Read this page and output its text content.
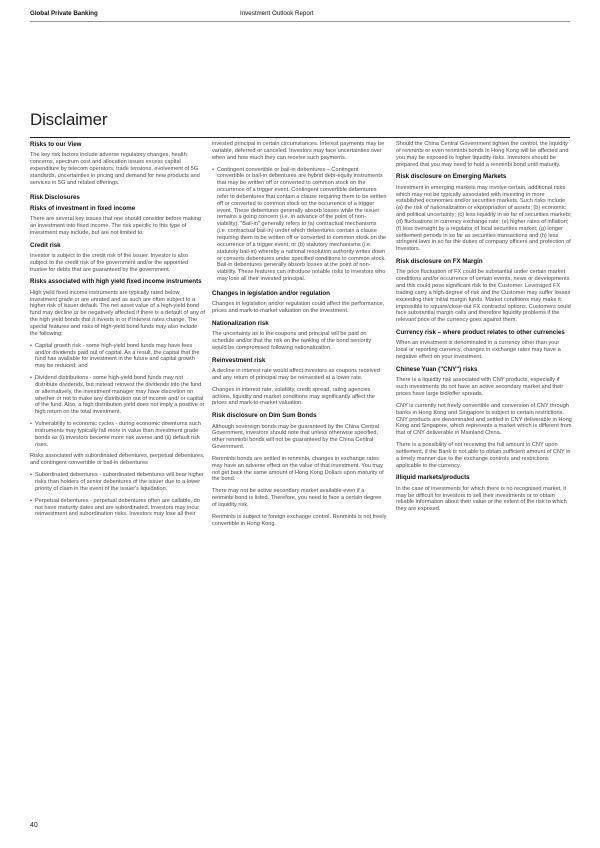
Global Private Banking	Investment Outlook Report
Disclaimer
Risks to our View

The key risk factors include adverse regulatory changes, health concerns, spectrum cost and allocation issues excess capital expenditure by telecom operators, trade tensions, evolvement of 5G standards, uncertainties in pricing and demand for new products and services in 5G and related offerings.

Risk Disclosures
Risks of investment in fixed income

There are several key issues that one should consider before making an investment into fixed income. The risk specific to this type of investment may include, but are not limited to:

Credit risk

Investor is subject to the credit risk of the issuer. Investor is also subject to the credit risk of the government and/or the appointed trustee for debts that are guaranteed by the government.

Risks associated with high yield fixed income instruments

High yield fixed income instruments are typically rated below investment grade or are unrated and as such are often subject to a higher risk of issuer default. The net asset value of a high-yield bond fund may decline or be negatively affected if there is a default of any of the high yield bonds that it invests in or if interest rates change. The special features and risks of high-yield bond funds may also include the following:

• Capital growth risk - some high-yield bond funds may have fees and/or dividends paid out of capital. As a result, the capital that the fund has available for investment in the future and capital growth may be reduced; and
• Dividend distributions - some high-yield bond funds may not distribute dividends, but instead reinvest the dividends into the fund or alternatively, the investment manager may have discretion on whether or not to make any distribution out of income and/ or capital of the fund. Also, a high distribution yield does not imply a positive or high return on the total investment.
• Vulnerability to economic cycles - during economic downturns such instruments may typically fall more in value than investment grade bonds as (i) investors become more risk averse and (ii) default risk rises.

Risks associated with subordinated debentures, perpetual debentures, and contingent convertible or bail-in debentures

• Subordinated debentures - subordinated debentures will bear higher risks than holders of senior debentures of the issuer due to a lower priority of claim in the event of the issuer's liquidation.
• Perpetual debentures - perpetual debentures often are callable, do not have maturity dates and are subordinated. Investors may incur reinvestment and subordination risks. Investors may lose all their

invested principal in certain circumstances. Interest payments may be variable, deferred or canceled. Investors may face uncertainties over when and how much they can receive such payments.

• Contingent convertible or bail-in debentures – Contingent convertible or bail-in debentures are hybrid debt-equity instruments that may be written off or converted to common stock on the occurrence of a trigger event. Contingent convertible debentures refer to debentures that contain a clause requiring them to be written off or converted to common stock on the occurrence of a trigger event. These debentures generally absorb losses while the issuer remains a going concern (i.e. in advance of the point of non-viability). "Bail-in" generally refers to (a) contractual mechanisms (i.e. contractual bail-in) under which debentures contain a clause requiring them to be written off or converted to common stock on the occurrence of a trigger event, or (b) statutory mechanisms (i.e. statutory bail-in) whereby a national resolution authority writes down or converts debentures under specified conditions to common stock. Bail-in debentures generally absorb losses at the point of non-viability. These features can introduce notable risks to investors who may lose all their invested principal.
Changes in legislation and/or regulation

Changes in legislation and/or regulation could affect the performance, prices and mark-to-market valuation on the investment.

Nationalization risk

The uncertainty as to the coupons and principal will be paid on schedule and/or that the risk on the ranking of the bond seniority would be compromised following nationalization.

Reinvestment risk

A decline in interest rate would affect investors as coupons received and any return of principal may be reinvested at a lower rate.

Changes in interest rate, volatility, credit spread, rating agencies actions, liquidity and market conditions may significantly affect the prices and mark-to-market valuation.

Risk disclosure on Dim Sum Bonds

Although sovereign bonds may be guaranteed by the China Central Government, investors should note that unless otherwise specified, other renminbi bonds will not be guaranteed by the China Central Government.

Renminbi bonds are settled in renminbi, changes in exchange rates may have an adverse effect on the value of that investment. You may not get back the same amount of Hong Kong Dollars upon maturity of the bond.

There may not be active secondary market available even if a renminbi bond is listed. Therefore, you need to face a certain degree of liquidity risk.

Renminbi is subject to foreign exchange control. Renminbi is not freely convertible in Hong Kong.

Should the China Central Government tighten the control, the liquidity of renminbi or even renminbi bonds in Hong Kong will be affected and you may be exposed to higher liquidity risks. Investors should be prepared that you may need to hold a renminbi bond until maturity.

Risk disclosure on Emerging Markets

Investment in emerging markets may involve certain, additional risks which may not be typically associated with investing in more established economies and/or securities markets. Such risks include (a) the risk of nationalization or expropriation of assets; (b) economic and political uncertainty; (c) less liquidity in so far of securities markets; (d) fluctuations in currency exchange rate; (e) higher rates of inflation; (f) less oversight by a regulator of local securities market; (g) longer settlement periods in so far as securities transactions and (h) less stringent laws in so far the duties of company officers and protection of Investors.

Risk disclosure on FX Margin

The price fluctuation of FX could be substantial under certain market conditions and/or occurrence of certain events, news or developments and this could pose significant risk to the Customer. Leveraged FX trading carry a high degree of risk and the Customer may suffer losses exceeding their initial margin funds. Market conditions may make it impossible to square/close-out FX contracts/ options. Customers could face substantial margin calls and therefore liquidity problems if the relevant price of the currency goes against them.

Currency risk – where product relates to other currencies

When an investment is denominated in a currency other than your local or reporting currency, changes in exchange rates may have a negative effect on your investment.

Chinese Yuan ("CNY") risks

There is a liquidity risk associated with CNY products, especially if such investments do not have an active secondary market and their prices have large bid/offer spreads.

CNY is currently not freely convertible and conversion of CNY through banks in Hong Kong and Singapore is subject to certain restrictions. CNY products are denominated and settled in CNY deliverable in Hong Kong and Singapore, which represents a market which is different from that of CNY deliverable in Mainland China.

There is a possibility of not receiving the full amount in CNY upon settlement, if the Bank is not able to obtain sufficient amount of CNY in a timely manner due to the exchange controls and restrictions applicable to the currency.

Illiquid markets/products

In the case of investments for which there is no recognised market, it may be difficult for investors to sell their investments or to obtain reliable information about their value or the extent of the risk to which they are exposed.

40
